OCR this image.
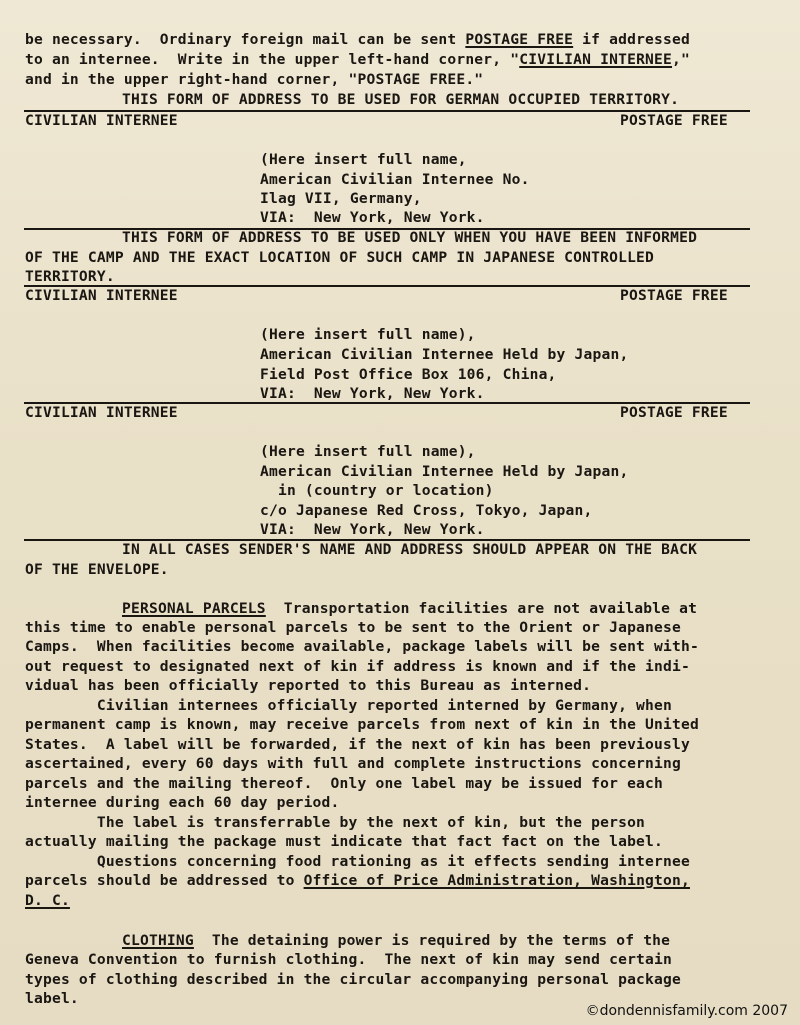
be necessary.  Ordinary foreign mail can be sent POSTAGE FREE if addressed
to an internee.  Write in the upper left-hand corner, "CIVILIAN INTERNEE,"
and in the upper right-hand corner, "POSTAGE FREE."
THIS FORM OF ADDRESS TO BE USED FOR GERMAN OCCUPIED TERRITORY.
CIVILIAN INTERNEE	POSTAGE FREE
(Here insert full name,
American Civilian Internee No.
Ilag VII, Germany,
VIA:  New York, New York.
THIS FORM OF ADDRESS TO BE USED ONLY WHEN YOU HAVE BEEN INFORMED
OF THE CAMP AND THE EXACT LOCATION OF SUCH CAMP IN JAPANESE CONTROLLED
TERRITORY.
CIVILIAN INTERNEE	POSTAGE FREE
(Here insert full name),
American Civilian Internee Held by Japan,
Field Post Office Box 106, China,
VIA:  New York, New York.
CIVILIAN INTERNEE	POSTAGE FREE
(Here insert full name),
American Civilian Internee Held by Japan,
in (country or location)
c/o Japanese Red Cross, Tokyo, Japan,
VIA:  New York, New York.
IN ALL CASES SENDER'S NAME AND ADDRESS SHOULD APPEAR ON THE BACK
OF THE ENVELOPE.
PERSONAL PARCELS  Transportation facilities are not available at
this time to enable personal parcels to be sent to the Orient or Japanese
Camps.  When facilities become available, package labels will be sent with-
out request to designated next of kin if address is known and if the indi-
vidual has been officially reported to this Bureau as interned.
Civilian internees officially reported interned by Germany, when
permanent camp is known, may receive parcels from next of kin in the United
States.  A label will be forwarded, if the next of kin has been previously
ascertained, every 60 days with full and complete instructions concerning
parcels and the mailing thereof.  Only one label may be issued for each
internee during each 60 day period.
The label is transferrable by the next of kin, but the person
actually mailing the package must indicate that fact fact on the label.
Questions concerning food rationing as it effects sending internee
parcels should be addressed to Office of Price Administration, Washington,
D. C.
CLOTHING  The detaining power is required by the terms of the
Geneva Convention to furnish clothing.  The next of kin may send certain
types of clothing described in the circular accompanying personal package
label.
©dondennisfamily.com 2007
